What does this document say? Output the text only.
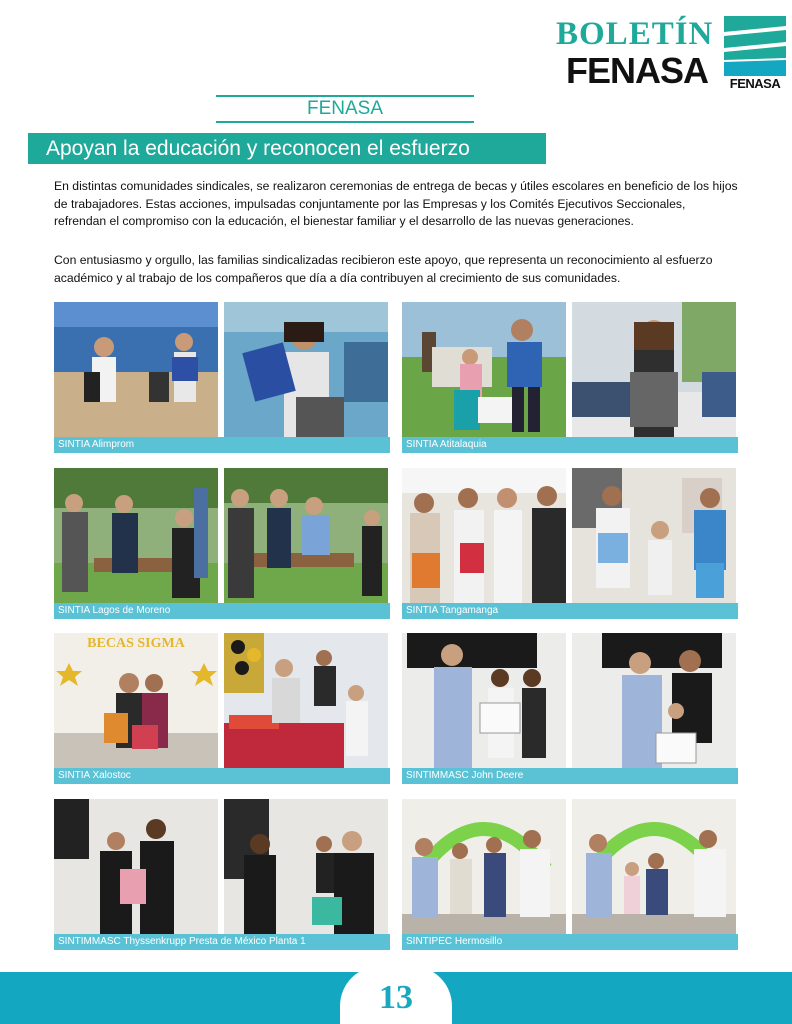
BOLETÍN
FENASA	FENASA
FENASA
Apoyan la educación y reconocen el esfuerzo

En distintas comunidades sindicales, se realizaron ceremonias de entrega de becas y útiles escolares en beneficio de los hijos de trabajadores. Estas acciones, impulsadas conjuntamente por las Empresas y los Comités Ejecutivos Seccionales, refrendan el compromiso con la educación, el bienestar familiar y el desarrollo de las nuevas generaciones.

Con entusiasmo y orgullo, las familias sindicalizadas recibieron este apoyo, que representa un reconocimiento al esfuerzo académico y al trabajo de los compañeros que día a día contribuyen al crecimiento de sus comunidades.

SINTIA Alimprom	SINTIA Atitalaquia
SINTIA Lagos de Moreno	SINTIA Tangamanga
BECAS SIGMA
SINTIA Xalostoc	SINTIMMASC John Deere
SINTIMMASC Thyssenkrupp Presta de México Planta 1	SINTIPEC Hermosillo
13
